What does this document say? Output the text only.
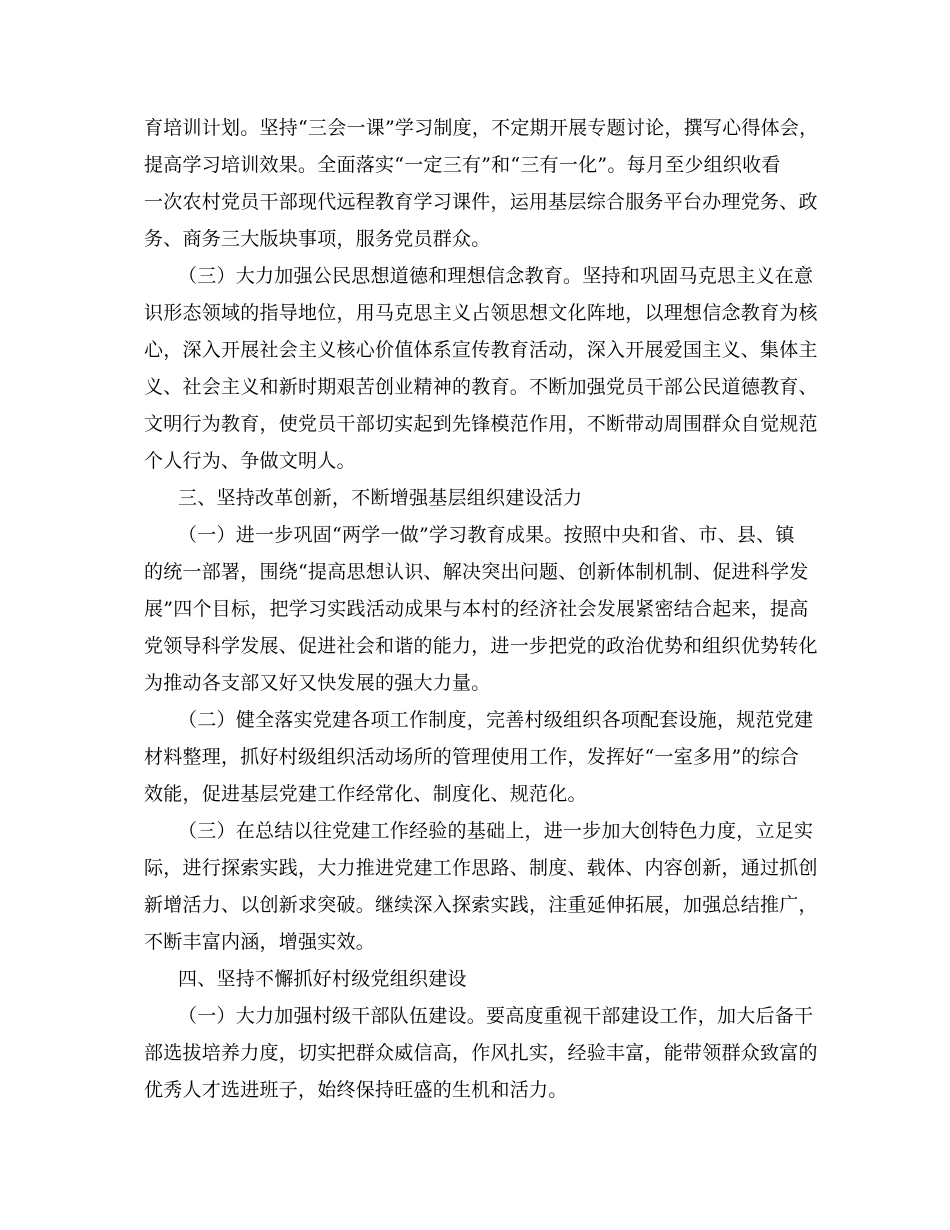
育培训计划。坚持“三会一课”学习制度，不定期开展专题讨论，撰写心得体会，
提高学习培训效果。全面落实“一定三有”和“三有一化”。每月至少组织收看
一次农村党员干部现代远程教育学习课件，运用基层综合服务平台办理党务、政
务、商务三大版块事项，服务党员群众。
（三）大力加强公民思想道德和理想信念教育。坚持和巩固马克思主义在意
识形态领域的指导地位，用马克思主义占领思想文化阵地，以理想信念教育为核
心，深入开展社会主义核心价值体系宣传教育活动，深入开展爱国主义、集体主
义、社会主义和新时期艰苦创业精神的教育。不断加强党员干部公民道德教育、
文明行为教育，使党员干部切实起到先锋模范作用，不断带动周围群众自觉规范
个人行为、争做文明人。
三、坚持改革创新，不断增强基层组织建设活力
（一）进一步巩固“两学一做”学习教育成果。按照中央和省、市、县、镇
的统一部署，围绕“提高思想认识、解决突出问题、创新体制机制、促进科学发
展”四个目标，把学习实践活动成果与本村的经济社会发展紧密结合起来，提高
党领导科学发展、促进社会和谐的能力，进一步把党的政治优势和组织优势转化
为推动各支部又好又快发展的强大力量。
（二）健全落实党建各项工作制度，完善村级组织各项配套设施，规范党建
材料整理，抓好村级组织活动场所的管理使用工作，发挥好“一室多用”的综合
效能，促进基层党建工作经常化、制度化、规范化。
（三）在总结以往党建工作经验的基础上，进一步加大创特色力度，立足实
际，进行探索实践，大力推进党建工作思路、制度、载体、内容创新，通过抓创
新增活力、以创新求突破。继续深入探索实践，注重延伸拓展，加强总结推广，
不断丰富内涵，增强实效。
四、坚持不懈抓好村级党组织建设
（一）大力加强村级干部队伍建设。要高度重视干部建设工作，加大后备干
部选拔培养力度，切实把群众威信高，作风扎实，经验丰富，能带领群众致富的
优秀人才选进班子，始终保持旺盛的生机和活力。
